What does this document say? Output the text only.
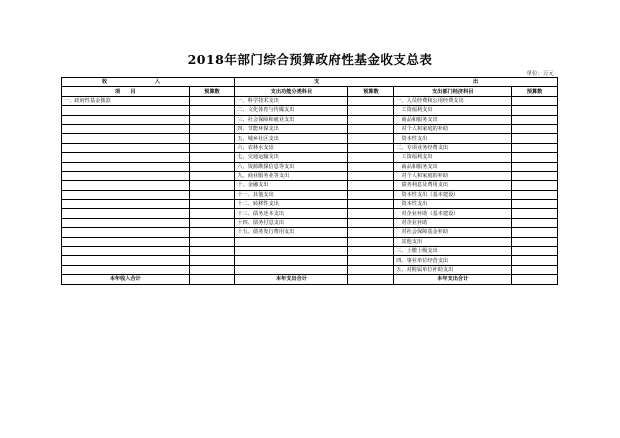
2018年部门综合预算政府性基金收支总表
单位：万元
收 入		支 出			
项　　目	预算数	支出功能分类科目	预算数	支出部门经济科目	预算数
一、政府性基金拨款		一、科学技术支出		一、人员经费和公用经费支出	
		二、文化体育与传媒支出		　工资福利支出	
		三、社会保障和就业支出		　商品和服务支出	
		四、节能环保支出		　对个人和家庭的补助	
		五、城乡社区支出		　资本性支出	
		六、农林水支出		二、专项业务经费支出	
		七、交通运输支出		　工资福利支出	
		八、资源勘探信息等支出		　商品和服务支出	
		九、商业服务业等支出		　对个人和家庭的补助	
		十、金融支出		　债务利息及费用支出	
		十一、其他支出		　资本性支出（基本建设）	
		十二、转移性支出		　资本性支出	
		十三、债务还本支出		　对企业补助（基本建设）	
		十四、债务付息支出		　对企业补助	
		十五、债务发行费用支出		　对社会保障基金补助	
				　其他支出	
				三、上缴上级支出	
				四、事业单位经营支出	
				五、对附属单位补助支出	
本年收入合计		本年支出合计		本年支出合计	
